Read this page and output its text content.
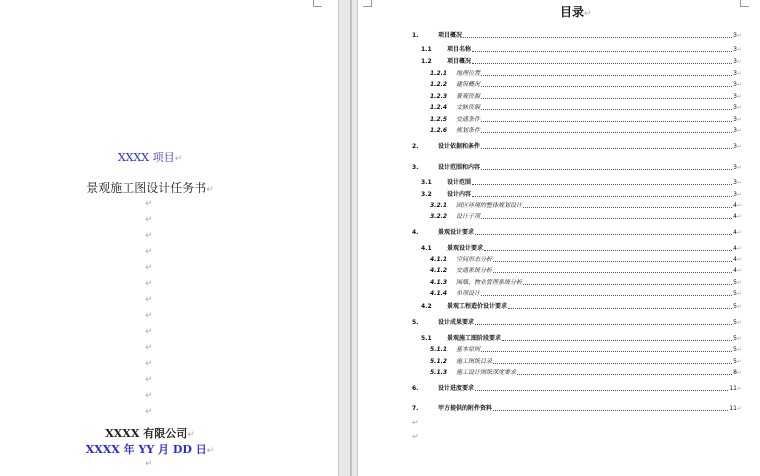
XXXX 项目↵
景观施工图设计任务书↵
↵
↵
↵
↵
↵
↵
↵
↵
↵
↵
↵
↵
↵
↵
XXXX 有限公司↵
XXXX 年 YY 月 DD 日↵
↵
目录↵
1.	项目概况	3 ↵
1.1	项目名称	3 ↵
1.2	项目概况	3 ↵
1.2.1	地理位置	3 ↵
1.2.2	建筑概况	3 ↵
1.2.3	景观资源	3 ↵
1.2.4	文脉资源	3 ↵
1.2.5	交通条件	3 ↵
1.2.6	规划条件	3 ↵
2.	设计依据和条件	3 ↵
3.	设计范围和内容	3 ↵
3.1	设计范围	3 ↵
3.2	设计内容	3 ↵
3.2.1	园区环境的整体规划设计	4 ↵
3.2.2	设计子项	4 ↵
4.	景观设计要求	4 ↵
4.1	景观设计要求	4 ↵
4.1.1	空间形态分析	4 ↵
4.1.2	交通系统分析	4 ↵
4.1.3	围墙、物业管理系统分析	5 ↵
4.1.4	单项设计	5 ↵
4.2	景观工程造价设计要求	5 ↵
5.	设计成果要求	5 ↵
5.1	景观施工图阶段要求	5 ↵
5.1.1	基本原则	5 ↵
5.1.2	施工图纸目录	5 ↵
5.1.3	施工设计图纸深度要求	8 ↵
6.	设计进度要求	11 ↵
7.	甲方提供的附件资料	11 ↵
↵
↵
